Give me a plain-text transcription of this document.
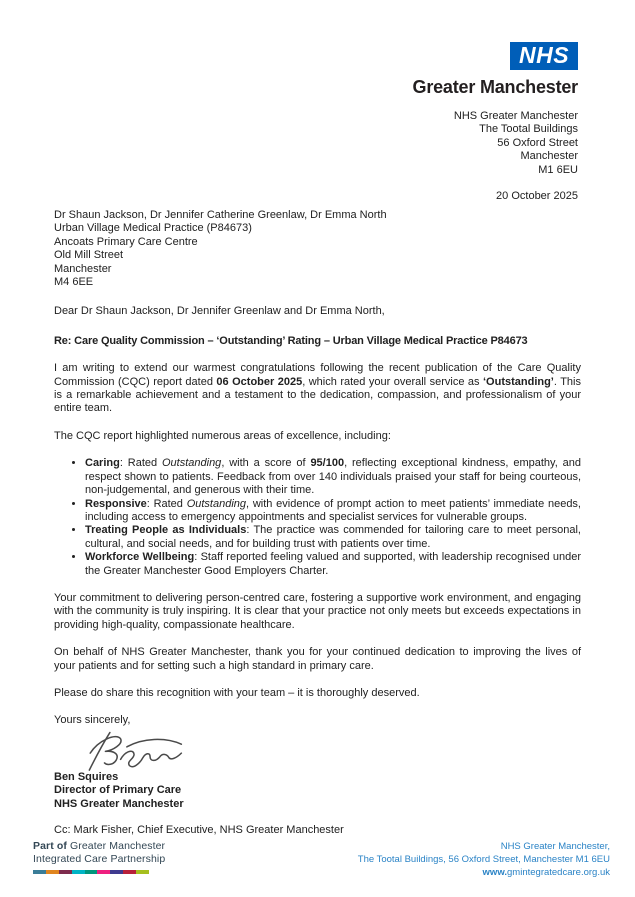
NHS
Greater Manchester
NHS Greater Manchester
The Tootal Buildings
56 Oxford Street
Manchester
M1 6EU
20 October 2025
Dr Shaun Jackson, Dr Jennifer Catherine Greenlaw, Dr Emma North
Urban Village Medical Practice (P84673)
Ancoats Primary Care Centre
Old Mill Street
Manchester
M4 6EE
Dear Dr Shaun Jackson, Dr Jennifer Greenlaw and Dr Emma North,
Re: Care Quality Commission – ‘Outstanding’ Rating – Urban Village Medical Practice P84673

I am writing to extend our warmest congratulations following the recent publication of the Care Quality Commission (CQC) report dated 06 October 2025, which rated your overall service as ‘Outstanding’. This is a remarkable achievement and a testament to the dedication, compassion, and professionalism of your entire team.

The CQC report highlighted numerous areas of excellence, including:

• Caring: Rated Outstanding, with a score of 95/100, reflecting exceptional kindness, empathy, and respect shown to patients. Feedback from over 140 individuals praised your staff for being courteous, non-judgemental, and generous with their time.
• Responsive: Rated Outstanding, with evidence of prompt action to meet patients’ immediate needs, including access to emergency appointments and specialist services for vulnerable groups.
• Treating People as Individuals: The practice was commended for tailoring care to meet personal, cultural, and social needs, and for building trust with patients over time.
• Workforce Wellbeing: Staff reported feeling valued and supported, with leadership recognised under the Greater Manchester Good Employers Charter.

Your commitment to delivering person-centred care, fostering a supportive work environment, and engaging with the community is truly inspiring. It is clear that your practice not only meets but exceeds expectations in providing high-quality, compassionate healthcare.

On behalf of NHS Greater Manchester, thank you for your continued dedication to improving the lives of your patients and for setting such a high standard in primary care.

Please do share this recognition with your team – it is thoroughly deserved.

Yours sincerely,
Ben Squires
Director of Primary Care
NHS Greater Manchester
Cc: Mark Fisher, Chief Executive, NHS Greater Manchester
Part of Greater Manchester
Integrated Care Partnership
NHS Greater Manchester,
The Tootal Buildings, 56 Oxford Street, Manchester M1 6EU
www.gmintegratedcare.org.uk
